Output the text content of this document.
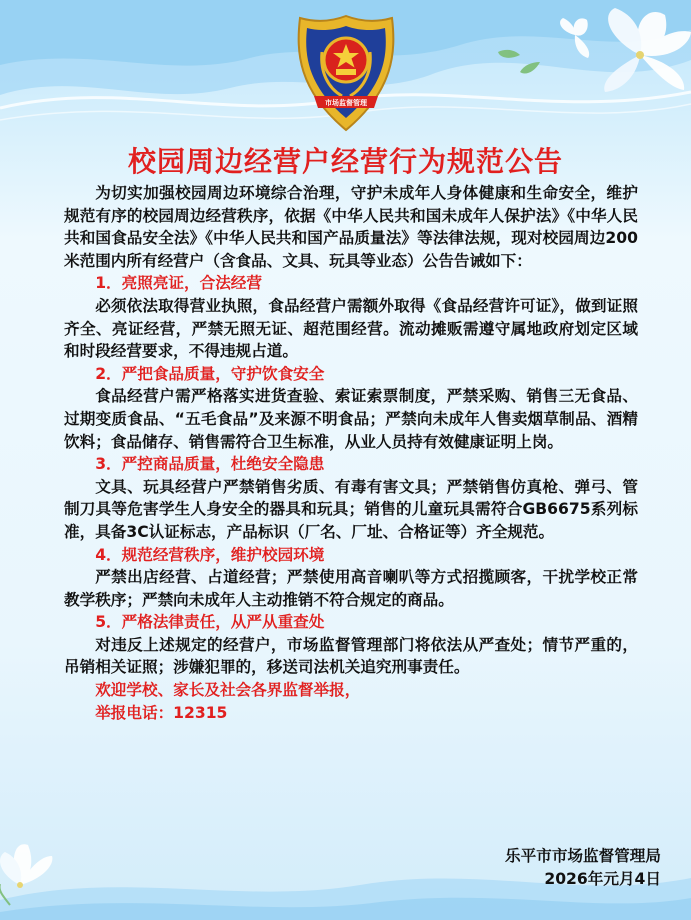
市场监督管理
校园周边经营户经营行为规范公告
为切实加强校园周边环境综合治理，守护未成年人身体健康和生命安全，维护规范有序的校园周边经营秩序，依据《中华人民共和国未成年人保护法》《中华人民共和国食品安全法》《中华人民共和国产品质量法》等法律法规，现对校园周边200米范围内所有经营户（含食品、文具、玩具等业态）公告告诫如下：
1．亮照亮证，合法经营
必须依法取得营业执照，食品经营户需额外取得《食品经营许可证》，做到证照齐全、亮证经营，严禁无照无证、超范围经营。流动摊贩需遵守属地政府划定区域和时段经营要求，不得违规占道。
2．严把食品质量，守护饮食安全
食品经营户需严格落实进货查验、索证索票制度，严禁采购、销售三无食品、过期变质食品、“五毛食品”及来源不明食品；严禁向未成年人售卖烟草制品、酒精饮料；食品储存、销售需符合卫生标准，从业人员持有效健康证明上岗。
3．严控商品质量，杜绝安全隐患
文具、玩具经营户严禁销售劣质、有毒有害文具；严禁销售仿真枪、弹弓、管制刀具等危害学生人身安全的器具和玩具；销售的儿童玩具需符合GB6675系列标准，具备3C认证标志，产品标识（厂名、厂址、合格证等）齐全规范。
4．规范经营秩序，维护校园环境
严禁出店经营、占道经营；严禁使用高音喇叭等方式招揽顾客，干扰学校正常教学秩序；严禁向未成年人主动推销不符合规定的商品。
5．严格法律责任，从严从重查处
对违反上述规定的经营户，市场监督管理部门将依法从严查处；情节严重的，吊销相关证照；涉嫌犯罪的，移送司法机关追究刑事责任。
欢迎学校、家长及社会各界监督举报，
举报电话：12315
乐平市市场监督管理局
2026年元月4日
